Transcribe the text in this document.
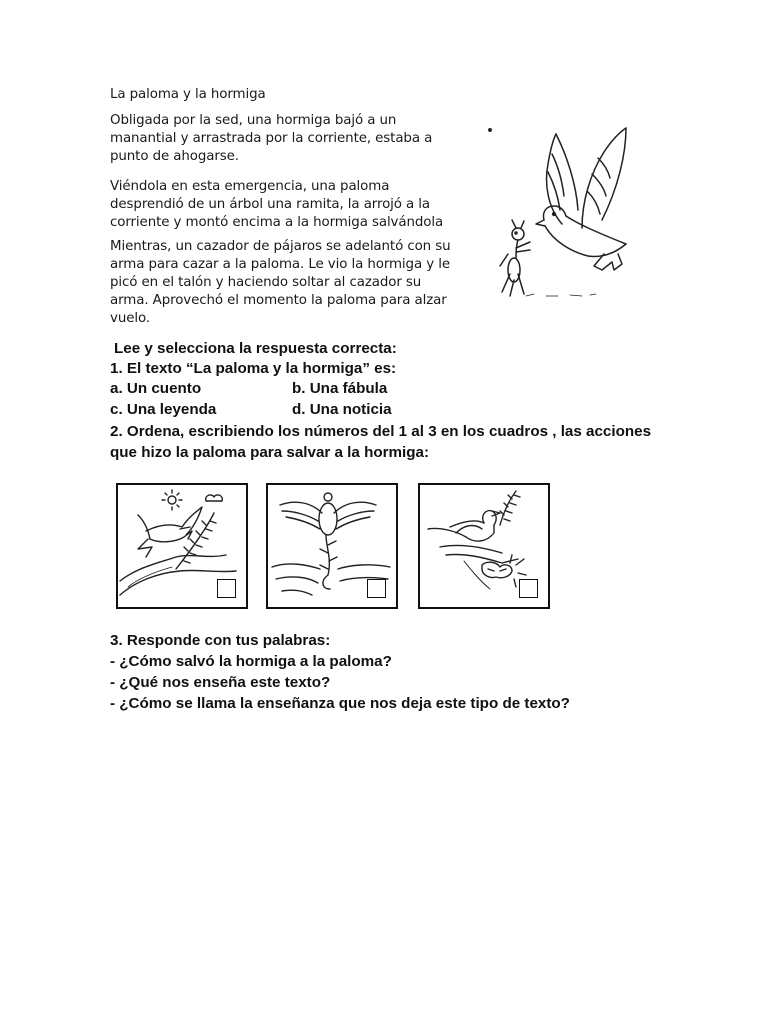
La paloma y la hormiga
Obligada por la sed, una hormiga bajó a un
manantial y arrastrada por la corriente, estaba a
punto de ahogarse.
Viéndola en esta emergencia, una paloma
desprendió de un árbol una ramita, la arrojó a la
corriente y montó encima a la hormiga salvándola
Mientras, un cazador de pájaros se adelantó con su
arma para cazar a la paloma. Le vio la hormiga y le
picó en el talón y haciendo soltar al cazador su
arma. Aprovechó el momento la paloma para alzar
vuelo.
Lee y selecciona la respuesta correcta:
1. El texto “La paloma y la hormiga” es:
a. Un cuento	b. Una fábula
c. Una leyenda	d. Una noticia
2. Ordena, escribiendo los números del 1 al 3 en los cuadros , las acciones
que hizo la paloma para salvar a la hormiga:
3. Responde con tus palabras:
- ¿Cómo salvó la hormiga a la paloma?
- ¿Qué nos enseña este texto?
- ¿Cómo se llama la enseñanza que nos deja este tipo de texto?
